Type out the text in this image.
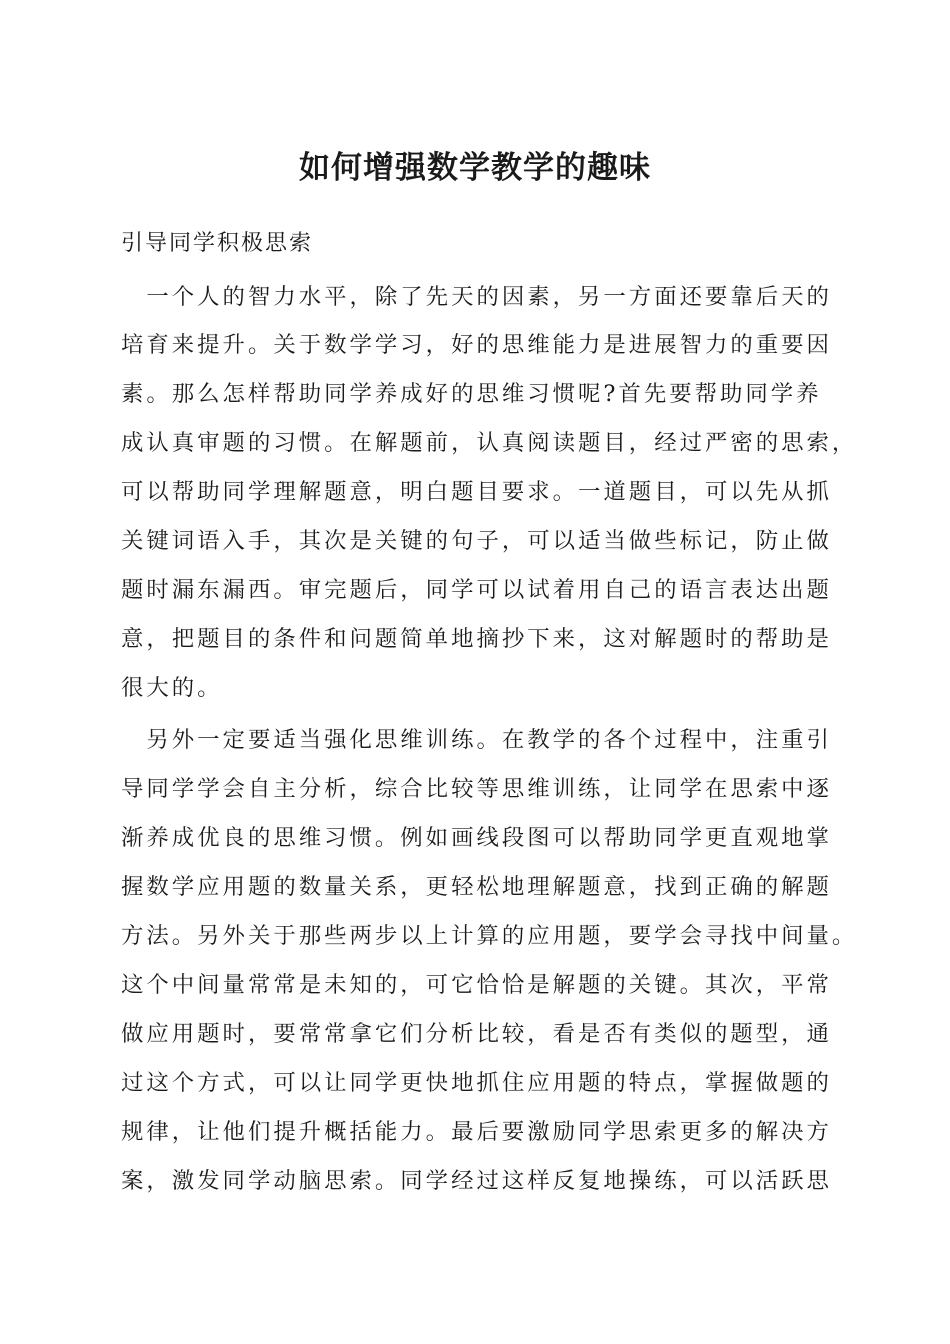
如何增强数学教学的趣味

引导同学积极思索

　一个人的智力水平，除了先天的因素，另一方面还要靠后天的

培育来提升。关于数学学习，好的思维能力是进展智力的重要因

素。那么怎样帮助同学养成好的思维习惯呢?首先要帮助同学养

成认真审题的习惯。在解题前，认真阅读题目，经过严密的思索，

可以帮助同学理解题意，明白题目要求。一道题目，可以先从抓

关键词语入手，其次是关键的句子，可以适当做些标记，防止做

题时漏东漏西。审完题后，同学可以试着用自己的语言表达出题

意，把题目的条件和问题简单地摘抄下来，这对解题时的帮助是

很大的。

　另外一定要适当强化思维训练。在教学的各个过程中，注重引

导同学学会自主分析，综合比较等思维训练，让同学在思索中逐

渐养成优良的思维习惯。例如画线段图可以帮助同学更直观地掌

握数学应用题的数量关系，更轻松地理解题意，找到正确的解题

方法。另外关于那些两步以上计算的应用题，要学会寻找中间量。

这个中间量常常是未知的，可它恰恰是解题的关键。其次，平常

做应用题时，要常常拿它们分析比较，看是否有类似的题型，通

过这个方式，可以让同学更快地抓住应用题的特点，掌握做题的

规律，让他们提升概括能力。最后要激励同学思索更多的解决方

案，激发同学动脑思索。同学经过这样反复地操练，可以活跃思
